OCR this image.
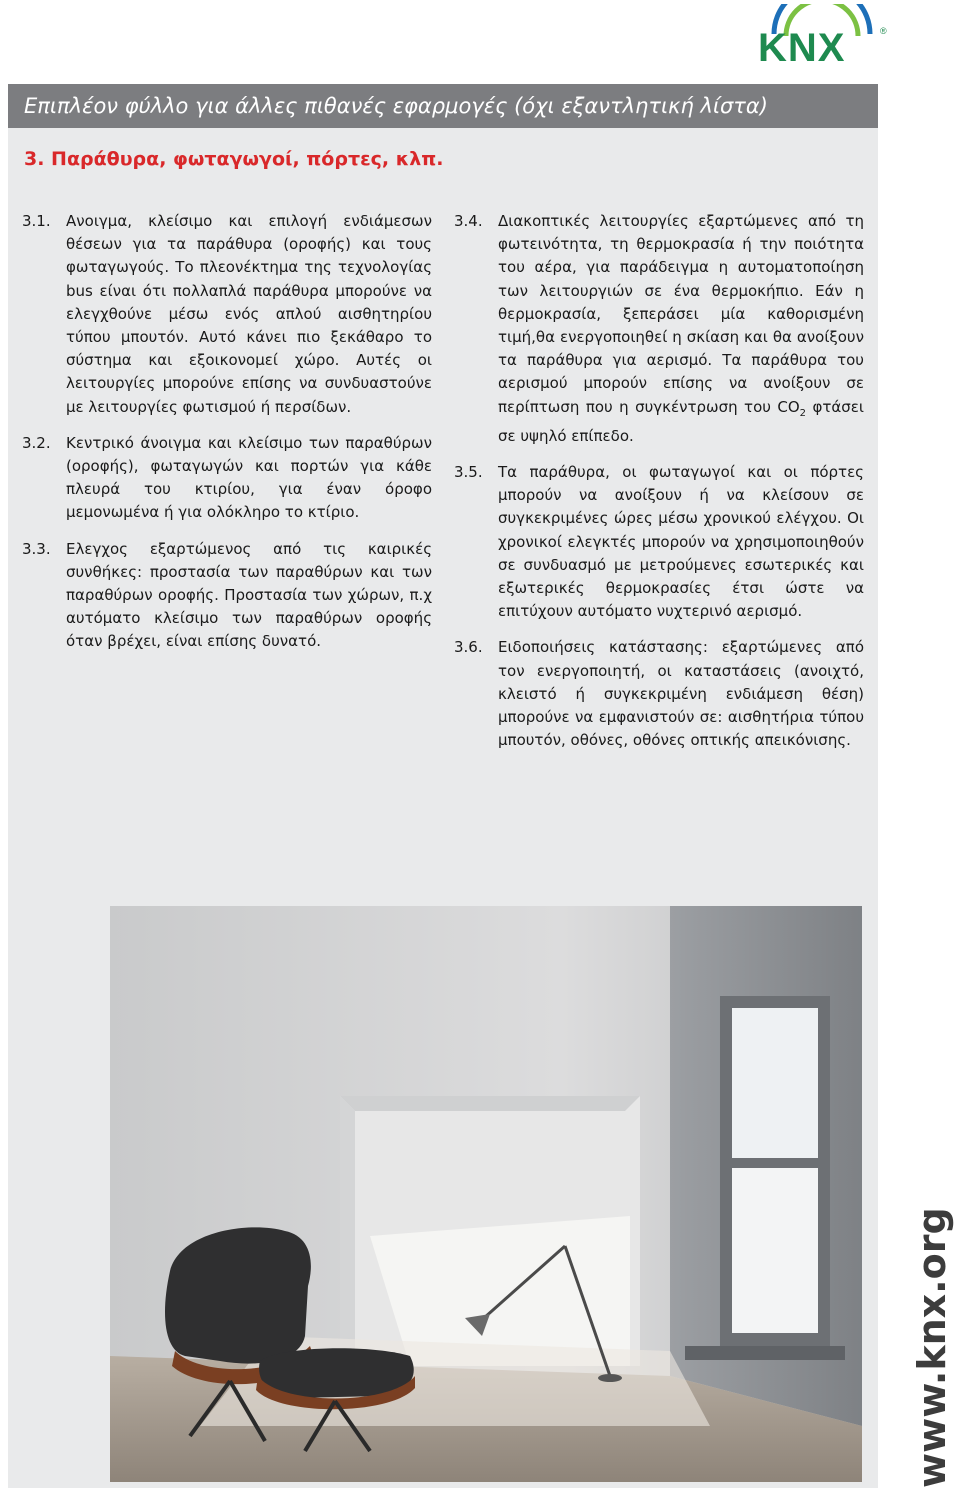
KNX	®
Επιπλέον φύλλο για άλλες πιθανές εφαρμογές (όχι εξαντλητική λίστα)
3. Παράθυρα, φωταγωγοί, πόρτες, κλπ.
3.1.	Ανοιγμα, κλείσιμο και επιλογή ενδιάμεσων θέσεων για τα παράθυρα (οροφής) και τους φωταγωγούς. Το πλεονέκτημα της τεχνολογίας bus είναι ότι πολλαπλά παράθυρα μπορούνε να ελεγχθούνε μέσω ενός απλού αισθητηρίου τύπου μπουτόν. Αυτό κάνει πιο ξεκάθαρο το σύστημα και εξοικονομεί χώρο. Αυτές οι λειτουργίες μπορούνε επίσης να συνδυαστούνε με λειτουργίες φωτισμού ή περσίδων.
3.2.	Κεντρικό άνοιγμα και κλείσιμο των παραθύρων (οροφής), φωταγωγών και πορτών για κάθε πλευρά του κτιρίου, για έναν όροφο μεμονωμένα ή για ολόκληρο το κτίριο.
3.3.	Ελεγχος εξαρτώμενος από τις καιρικές συνθήκες: προστασία των παραθύρων και των παραθύρων οροφής. Προστασία των χώρων, π.χ αυτόματο κλείσιμο των παραθύρων οροφής όταν βρέχει, είναι επίσης δυνατό.
3.4.	Διακοπτικές λειτουργίες εξαρτώμενες από τη φωτεινότητα, τη θερμοκρασία ή την ποιότητα του αέρα, για παράδειγμα η αυτοματοποίηση των λειτουργιών σε ένα θερμοκήπιο. Εάν η θερμοκρασία, ξεπεράσει μία καθορισμένη τιμή,θα ενεργοποιηθεί η σκίαση και θα ανοίξουν τα παράθυρα για αερισμό. Τα παράθυρα του αερισμού μπορούν επίσης να ανοίξουν σε περίπτωση που η συγκέντρωση του $CO_2$ φτάσει σε υψηλό επίπεδο.
3.5.	Τα παράθυρα, οι φωταγωγοί και οι πόρτες μπορούν να ανοίξουν ή να κλείσουν σε συγκεκριμένες ώρες μέσω χρονικού ελέγχου. Οι χρονικοί ελεγκτές μπορούν να χρησιμοποιηθούν σε συνδυασμό με μετρούμενες εσωτερικές και εξωτερικές θερμοκρασίες έτσι ώστε να επιτύχουν αυτόματο νυχτερινό αερισμό.
3.6.	Ειδοποιήσεις κατάστασης: εξαρτώμενες από τον ενεργοποιητή, οι καταστάσεις (ανοιχτό, κλειστό ή συγκεκριμένη ενδιάμεση θέση) μπορούνε να εμφανιστούν σε: αισθητήρια τύπου μπουτόν, οθόνες, οθόνες οπτικής απεικόνισης.
www.knx.org
